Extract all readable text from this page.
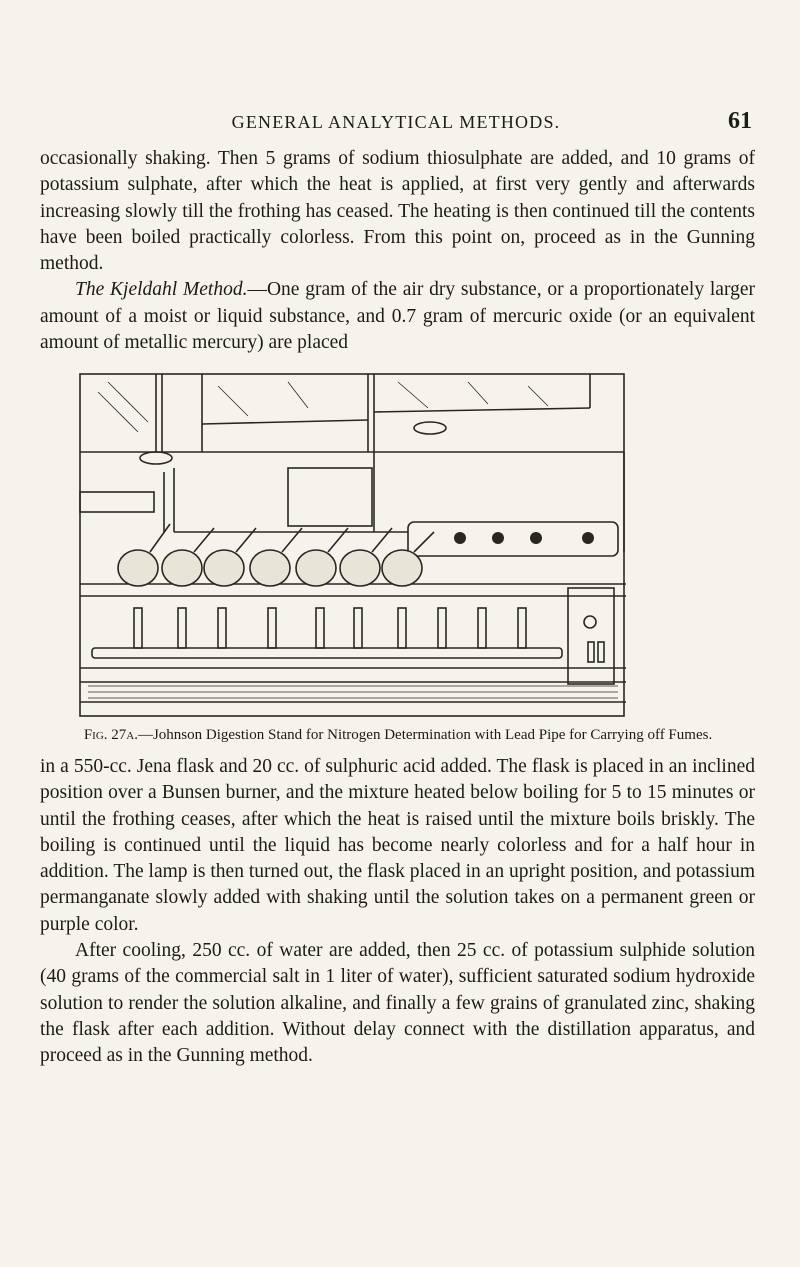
GENERAL ANALYTICAL METHODS.	61

occasionally shaking. Then 5 grams of sodium thiosulphate are added, and 10 grams of potassium sulphate, after which the heat is applied, at first very gently and afterwards increasing slowly till the frothing has ceased. The heating is then continued till the contents have been boiled practically colorless. From this point on, proceed as in the Gunning method.

The Kjeldahl Method.—One gram of the air dry substance, or a proportionately larger amount of a moist or liquid substance, and 0.7 gram of mercuric oxide (or an equivalent amount of metallic mercury) are placed

Fig. 27a.—Johnson Digestion Stand for Nitrogen Determination with Lead Pipe for Carrying off Fumes.

in a 550-cc. Jena flask and 20 cc. of sulphuric acid added. The flask is placed in an inclined position over a Bunsen burner, and the mixture heated below boiling for 5 to 15 minutes or until the frothing ceases, after which the heat is raised until the mixture boils briskly. The boiling is continued until the liquid has become nearly colorless and for a half hour in addition. The lamp is then turned out, the flask placed in an upright position, and potassium permanganate slowly added with shaking until the solution takes on a permanent green or purple color.

After cooling, 250 cc. of water are added, then 25 cc. of potassium sulphide solution (40 grams of the commercial salt in 1 liter of water), sufficient saturated sodium hydroxide solution to render the solution alkaline, and finally a few grains of granulated zinc, shaking the flask after each addition. Without delay connect with the distillation apparatus, and proceed as in the Gunning method.
